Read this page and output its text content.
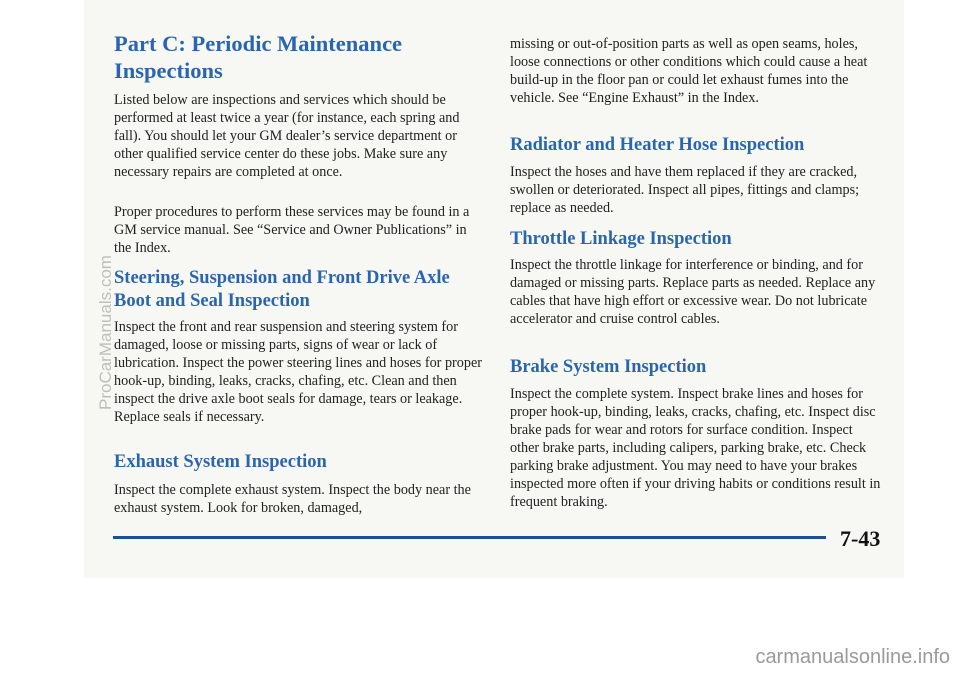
Part C: Periodic Maintenance Inspections

Listed below are inspections and services which should be performed at least twice a year (for instance, each spring and fall). You should let your GM dealer’s service department or other qualified service center do these jobs. Make sure any necessary repairs are completed at once.

Proper procedures to perform these services may be found in a GM service manual. See “Service and Owner Publications” in the Index.

Steering, Suspension and Front Drive Axle Boot and Seal Inspection

Inspect the front and rear suspension and steering system for damaged, loose or missing parts, signs of wear or lack of lubrication. Inspect the power steering lines and hoses for proper hook-up, binding, leaks, cracks, chafing, etc. Clean and then inspect the drive axle boot seals for damage, tears or leakage. Replace seals if necessary.

Exhaust System Inspection

Inspect the complete exhaust system. Inspect the body near the exhaust system. Look for broken, damaged,

missing or out-of-position parts as well as open seams, holes, loose connections or other conditions which could cause a heat build-up in the floor pan or could let exhaust fumes into the vehicle. See “Engine Exhaust” in the Index.

Radiator and Heater Hose Inspection

Inspect the hoses and have them replaced if they are cracked, swollen or deteriorated. Inspect all pipes, fittings and clamps; replace as needed.

Throttle Linkage Inspection

Inspect the throttle linkage for interference or binding, and for damaged or missing parts. Replace parts as needed. Replace any cables that have high effort or excessive wear. Do not lubricate accelerator and cruise control cables.

Brake System Inspection

Inspect the complete system. Inspect brake lines and hoses for proper hook-up, binding, leaks, cracks, chafing, etc. Inspect disc brake pads for wear and rotors for surface condition. Inspect other brake parts, including calipers, parking brake, etc. Check parking brake adjustment. You may need to have your brakes inspected more often if your driving habits or conditions result in frequent braking.

7-43
ProCarManuals.com
carmanualsonline.info
